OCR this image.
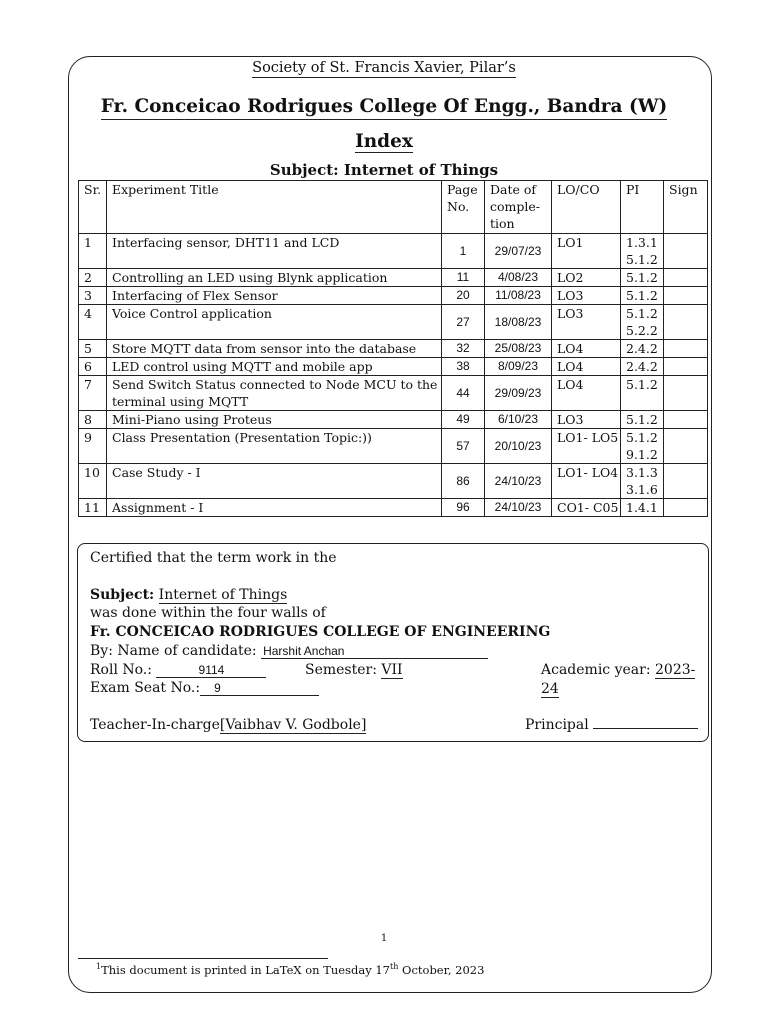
Society of St. Francis Xavier, Pilar’s
Fr. Conceicao Rodrigues College Of Engg., Bandra (W)
Index
Subject: Internet of Things
Sr.	Experiment Title	Page No.	Date of comple- tion	LO/CO	PI	Sign
1	Interfacing sensor, DHT11 and LCD	1	29/07/23	LO1	1.3.1 5.1.2	
2	Controlling an LED using Blynk application	11	4/08/23	LO2	5.1.2	
3	Interfacing of Flex Sensor	20	11/08/23	LO3	5.1.2	
4	Voice Control application	27	18/08/23	LO3	5.1.2 5.2.2	
5	Store MQTT data from sensor into the database	32	25/08/23	LO4	2.4.2	
6	LED control using MQTT and mobile app	38	8/09/23	LO4	2.4.2	
7	Send Switch Status connected to Node MCU to the terminal using MQTT	44	29/09/23	LO4	5.1.2	
8	Mini-Piano using Proteus	49	6/10/23	LO3	5.1.2	
9	Class Presentation (Presentation Topic:))	57	20/10/23	LO1- LO5	5.1.2 9.1.2	
10	Case Study - I	86	24/10/23	LO1- LO4	3.1.3 3.1.6	
11	Assignment - I	96	24/10/23	CO1- C05	1.4.1	
Certified that the term work in the
Subject: Internet of Things
was done within the four walls of
Fr. CONCEICAO RODRIGUES COLLEGE OF ENGINEERING
By: Name of candidate: Harshit Anchan
Roll No.:	9114	Semester: VII	Academic year: 2023-24
Exam Seat No.: 9
Teacher-In-charge[Vaibhav V. Godbole]	Principal
1
$^1$This document is printed in LaTeX on Tuesday 17th October, 2023
